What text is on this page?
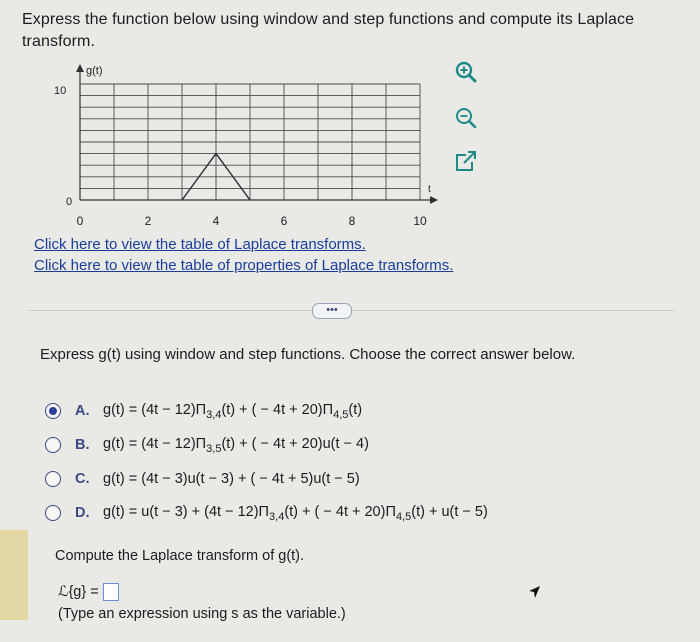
Express the function below using window and step functions and compute its Laplace transform.
g(t)
t
10
0
0	2	4	6	8	10
Click here to view the table of Laplace transforms.
Click here to view the table of properties of Laplace transforms.
•••
Express g(t) using window and step functions. Choose the correct answer below.
A. $g(t) = (4t - 12)\Pi_{3,4}(t)$ + ( − $4t + 20)\Pi_{4,5}(t)$
B. $g(t) = (4t - 12)\Pi_{3,5}(t)$ + ( − 4t + 20)u(t − 4)
C. g(t) = (4t − 3)u(t − 3) + ( − 4t + 5)u(t − 5)
D. $g(t) = u(t - 3) + (4t - 12)\Pi_{3,4}(t)$ + ( − $4t + 20)\Pi_{4,5}(t) + u(t - 5)$
Compute the Laplace transform of g(t).
ℒ{g} =
(Type an expression using s as the variable.)
